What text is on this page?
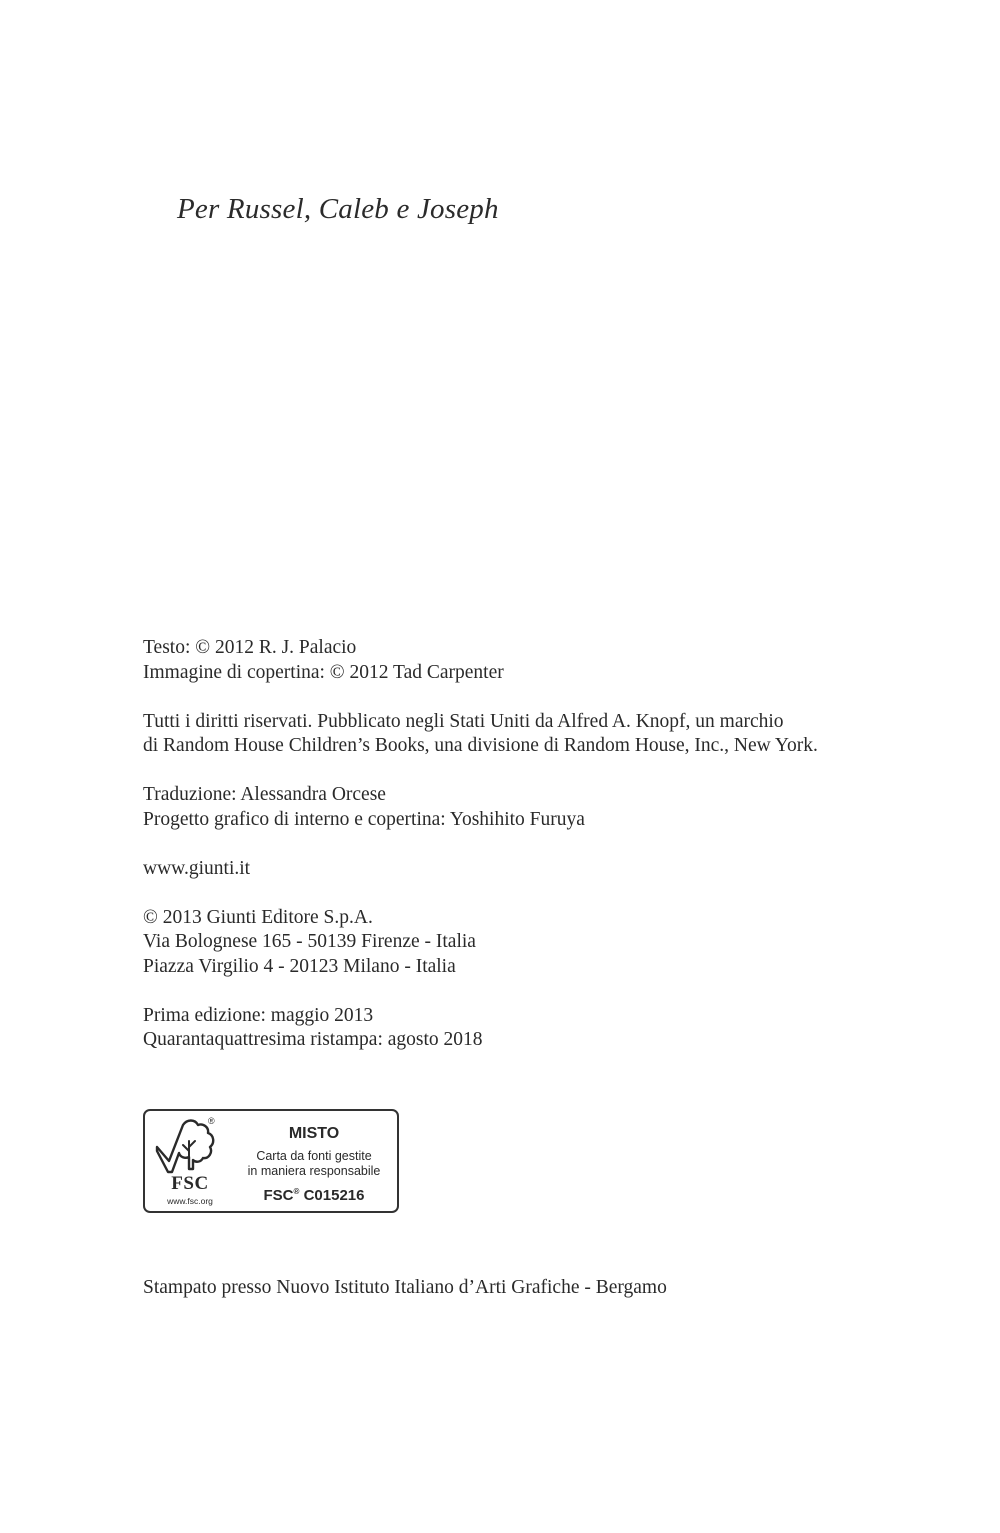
Per Russel, Caleb e Joseph
Testo: © 2012 R. J. Palacio
Immagine di copertina: © 2012 Tad Carpenter
Tutti i diritti riservati. Pubblicato negli Stati Uniti da Alfred A. Knopf, un marchio
di Random House Children’s Books, una divisione di Random House, Inc., New York.
Traduzione: Alessandra Orcese
Progetto grafico di interno e copertina: Yoshihito Furuya
www.giunti.it
© 2013 Giunti Editore S.p.A.
Via Bolognese 165 - 50139 Firenze - Italia
Piazza Virgilio 4 - 20123 Milano - Italia
Prima edizione: maggio 2013
Quarantaquattresima ristampa: agosto 2018
®
FSC
www.fsc.org
MISTO
Carta da fonti gestite
in maniera responsabile
FSC® C015216
Stampato presso Nuovo Istituto Italiano d’Arti Grafiche - Bergamo
